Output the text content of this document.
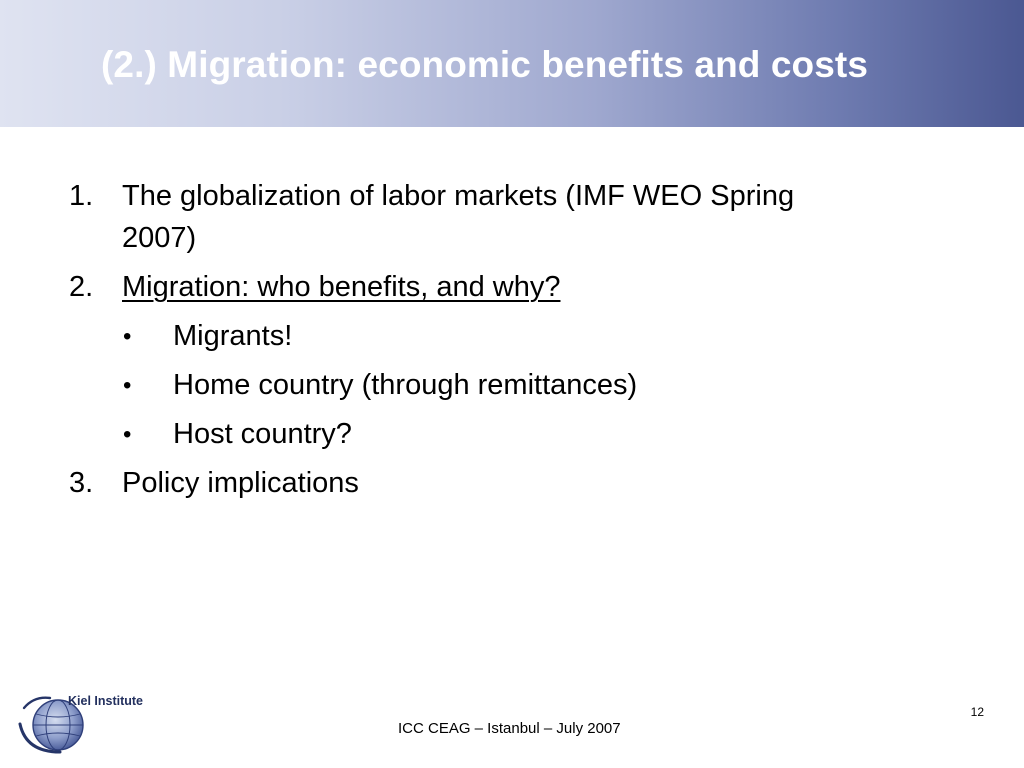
(2.) Migration: economic benefits and costs
1. The globalization of labor markets (IMF WEO Spring
2007)
2. Migration: who benefits, and why?
• Migrants!
• Home country (through remittances)
• Host country?
3. Policy implications
Kiel Institute
12
ICC CEAG – Istanbul – July 2007
